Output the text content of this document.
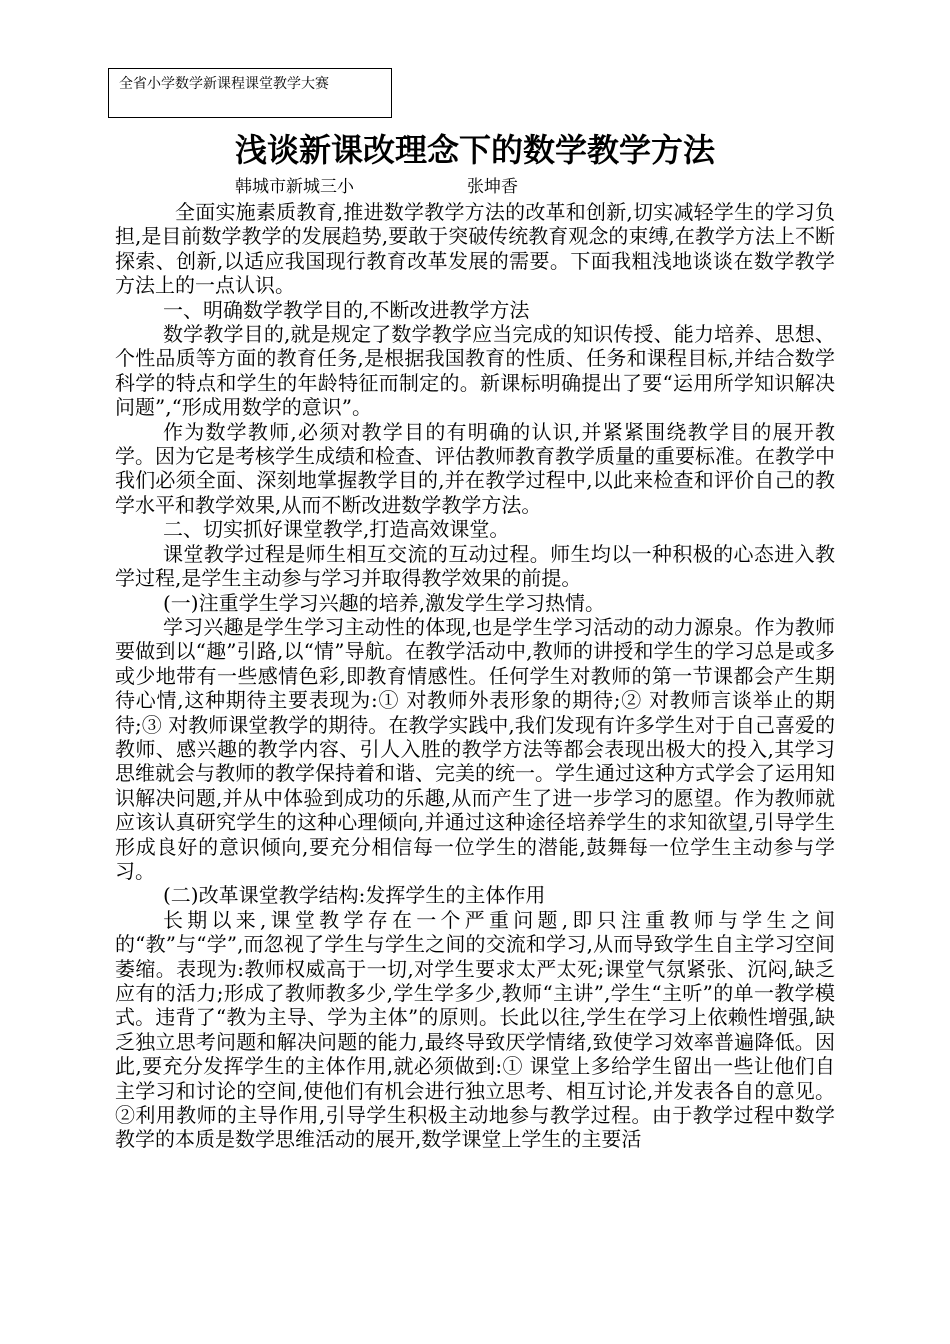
全省小学数学新课程课堂教学大赛
浅谈新课改理念下的数学教学方法
韩城市新城三小	张坤香

全面实施素质教育,推进数学教学方法的改革和创新,切实减轻学生的学习负担,是目前数学教学的发展趋势,要敢于突破传统教育观念的束缚,在教学方法上不断探索、创新,以适应我国现行教育改革发展的需要。下面我粗浅地谈谈在数学教学方法上的一点认识。

一、明确数学教学目的,不断改进教学方法

数学教学目的,就是规定了数学教学应当完成的知识传授、能力培养、思想、个性品质等方面的教育任务,是根据我国教育的性质、任务和课程目标,并结合数学科学的特点和学生的年龄特征而制定的。新课标明确提出了要“运用所学知识解决问题”,“形成用数学的意识”。

作为数学教师,必须对教学目的有明确的认识,并紧紧围绕教学目的展开教学。因为它是考核学生成绩和检查、评估教师教育教学质量的重要标准。在教学中我们必须全面、深刻地掌握教学目的,并在教学过程中,以此来检查和评价自己的教学水平和教学效果,从而不断改进数学教学方法。

二、切实抓好课堂教学,打造高效课堂。

课堂教学过程是师生相互交流的互动过程。师生均以一种积极的心态进入教学过程,是学生主动参与学习并取得教学效果的前提。

(一)注重学生学习兴趣的培养,激发学生学习热情。

学习兴趣是学生学习主动性的体现,也是学生学习活动的动力源泉。作为教师要做到以“趣”引路,以“情”导航。在教学活动中,教师的讲授和学生的学习总是或多或少地带有一些感情色彩,即教育情感性。任何学生对教师的第一节课都会产生期待心情,这种期待主要表现为:① 对教师外表形象的期待;② 对教师言谈举止的期待;③ 对教师课堂教学的期待。在教学实践中,我们发现有许多学生对于自己喜爱的教师、感兴趣的教学内容、引人入胜的教学方法等都会表现出极大的投入,其学习思维就会与教师的教学保持着和谐、完美的统一。学生通过这种方式学会了运用知识解决问题,并从中体验到成功的乐趣,从而产生了进一步学习的愿望。作为教师就应该认真研究学生的这种心理倾向,并通过这种途径培养学生的求知欲望,引导学生形成良好的意识倾向,要充分相信每一位学生的潜能,鼓舞每一位学生主动参与学习。

(二)改革课堂教学结构:发挥学生的主体作用

长期以来,课堂教学存在一个严重问题,即只注重教师与学生之间的“教”与“学”,而忽视了学生与学生之间的交流和学习,从而导致学生自主学习空间萎缩。表现为:教师权威高于一切,对学生要求太严太死;课堂气氛紧张、沉闷,缺乏应有的活力;形成了教师教多少,学生学多少,教师“主讲”,学生“主听”的单一教学模式。违背了“教为主导、学为主体”的原则。长此以往,学生在学习上依赖性增强,缺乏独立思考问题和解决问题的能力,最终导致厌学情绪,致使学习效率普遍降低。因此,要充分发挥学生的主体作用,就必须做到:① 课堂上多给学生留出一些让他们自主学习和讨论的空间,使他们有机会进行独立思考、相互讨论,并发表各自的意见。②利用教师的主导作用,引导学生积极主动地参与教学过程。由于教学过程中数学教学的本质是数学思维活动的展开,数学课堂上学生的主要活
